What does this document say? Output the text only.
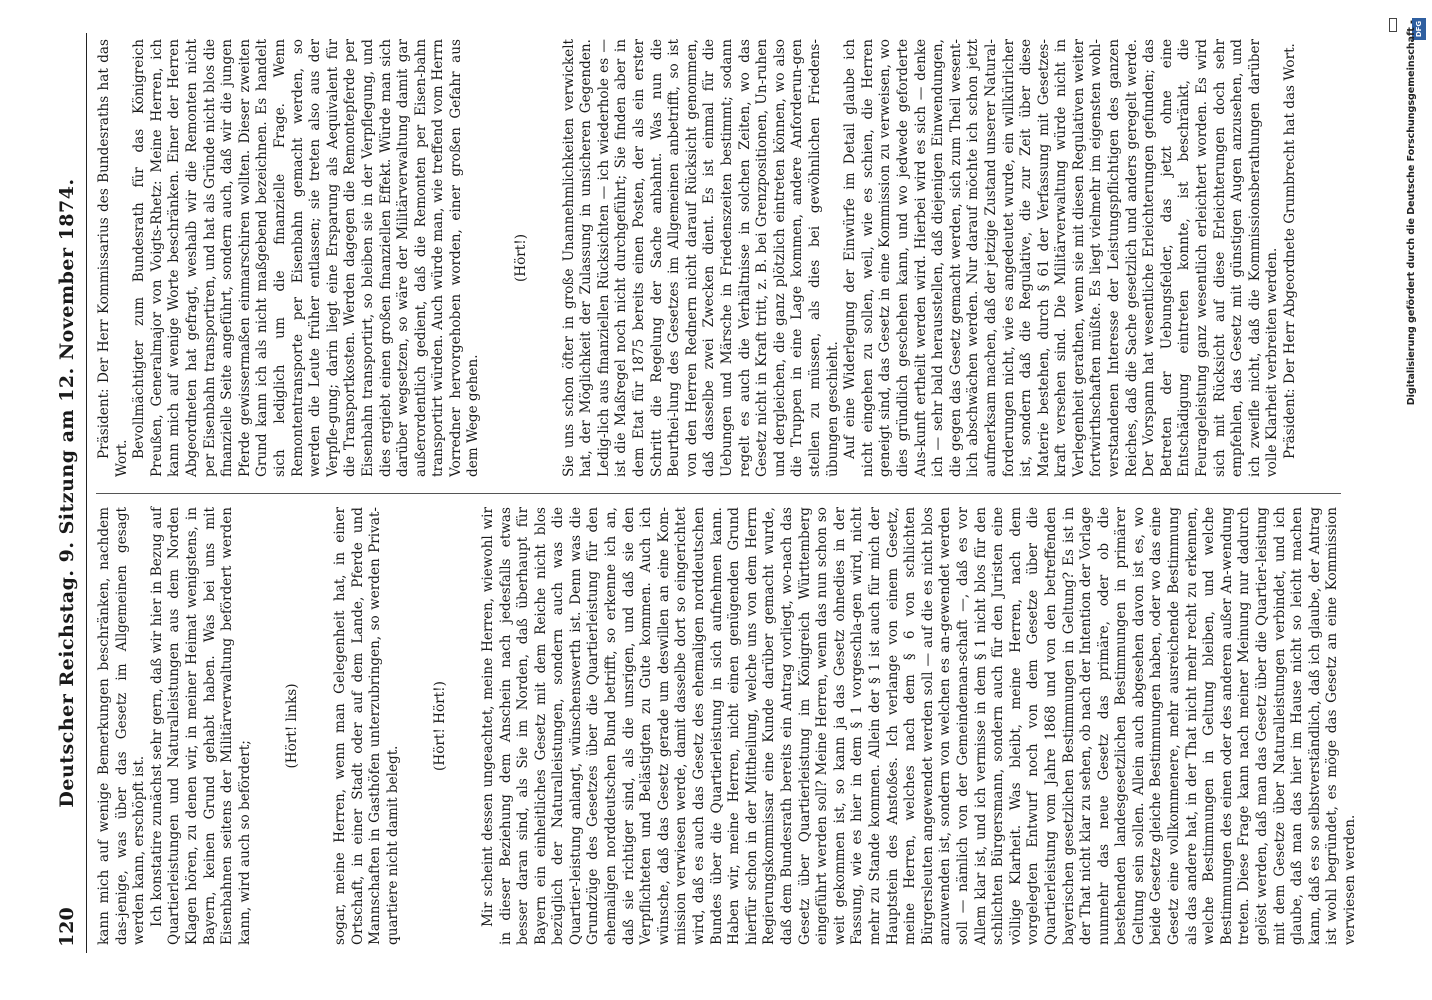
120
Deutscher Reichstag. 9. Sitzung am 12. November 1874. kann mich auf wenige Bemerkungen beschränken, nachdem das-jenige, was über das Gesetz im Allgemeinen gesagt werden kann, erschöpft ist. Ich konstatire zunächst sehr gern, daß wir hier in Bezug auf Quartierleistungen und Naturalleistungen aus dem Norden Klagen hören, zu denen wir, in meiner Heimat wenigstens, in Bayern, keinen Grund gehabt haben. Was bei uns mit Eisenbahnen seitens der Militärverwaltung befördert werden kann, wird auch so befördert;

(Hört! links) sogar, meine Herren, wenn man Gelegenheit hat, in einer Ortschaft, in einer Stadt oder auf dem Lande, Pferde und Mannschaften in Gasthöfen unterzubringen, so werden Privat-quartiere nicht damit belegt.

(Hört! Hört!) Mir scheint dessen ungeachtet, meine Herren, wiewohl wir in dieser Beziehung dem Anschein nach jedesfalls etwas besser daran sind, als Sie im Norden, daß überhaupt für Bayern ein einheitliches Gesetz mit dem Reiche nicht blos bezüglich der Naturalleistungen, sondern auch was die Quartier-leistung anlangt, wünschenswerth ist. Denn was die Grundzüge des Gesetzes über die Quartierleistung für den ehemaligen norddeutschen Bund betrifft, so erkenne ich an, daß sie richtiger sind, als die unsrigen, und daß sie den Verpflichteten und Belästigten zu Gute kommen. Auch ich wünsche, daß das Gesetz gerade um deswillen an eine Kom-mission verwiesen werde, damit dasselbe dort so eingerichtet wird, daß es auch das Gesetz des ehemaligen norddeutschen Bundes über die Quartierleistung in sich aufnehmen kann. Haben wir, meine Herren, nicht einen genügenden Grund hierfür schon in der Mittheilung, welche uns von dem Herrn Regierungskommissar eine Kunde darüber gemacht wurde, daß dem Bundesrath bereits ein Antrag vorliegt, wo-nach das Gesetz über Quartierleistung im Königreich Württemberg eingeführt werden soll? Meine Herren, wenn das nun schon so weit gekommen ist, so kann ja das Gesetz ohnedies in der Fassung, wie es hier in dem § 1 vorgeschla-gen wird, nicht mehr zu Stande kommen. Allein der § 1 ist auch für mich der Hauptstein des Anstoßes. Ich verlange von einem Gesetz, meine Herren, welches nach dem § 6 von schlichten Bürgersleuten angewendet werden soll — auf die es nicht blos anzuwenden ist, sondern von welchen es an-gewendet werden soll — nämlich von der Gemeindeman-schaft —, daß es vor Allem klar ist, und ich vermisse in dem § 1 nicht blos für den schlichten Bürgersmann, sondern auch für den Juristen eine völlige Klarheit. Was bleibt, meine Herren, nach dem vorgelegten Entwurf noch von dem Gesetze über die Quartierleistung vom Jahre 1868 und von den betreffenden bayerischen gesetzlichen Bestimmungen in Geltung? Es ist in der That nicht klar zu sehen, ob nach der Intention der Vorlage nunmehr das neue Gesetz das primäre, oder ob die bestehenden landesgesetzlichen Bestimmungen in primärer Geltung sein sollen. Allein auch abgesehen davon ist es, wo beide Gesetze gleiche Bestimmungen haben, oder wo das eine Gesetz eine vollkommenere, mehr ausreichende Bestimmung als das andere hat, in der That nicht mehr recht zu erkennen, welche Bestimmungen in Geltung bleiben, und welche Bestimmungen des einen oder des anderen außer An-wendung treten. Diese Frage kann nach meiner Meinung nur dadurch gelöst werden, daß man das Gesetz über die Quartier-leistung mit dem Gesetze über Naturalleistungen verbindet, und ich glaube, daß man das hier im Hause nicht so leicht machen kann, daß es so selbstverständlich, daß ich glaube, der Antrag ist wohl begründet, es möge das Gesetz an eine Kommission verwiesen werden.

Präsident: Der Herr Kommissarius des Bundesraths hat das Wort. Bevollmächtigter zum Bundesrath für das Königreich Preußen, Generalmajor von Voigts-Rhetz: Meine Herren, ich kann mich auf wenige Worte beschränken. Einer der Herren Abgeordneten hat gefragt, weshalb wir die Remonten nicht per Eisenbahn transportiren, und hat als Gründe nicht blos die finanzielle Seite angeführt, sondern auch, daß wir die jungen Pferde gewissermaßen einmarschiren wollten. Dieser zweiten Grund kann ich als nicht maßgebend bezeichnen. Es handelt sich lediglich um die finanzielle Frage. Wenn Remontentransporte per Eisenbahn gemacht werden, so werden die Leute früher entlassen; sie treten also aus der Verpfle-gung; darin liegt eine Ersparung als Aequivalent für die Transportkosten. Werden dagegen die Remontepferde per Eisenbahn transportirt, so bleiben sie in der Verpflegung, und dies ergiebt einen großen finanziellen Effekt. Würde man sich darüber wegsetzen, so wäre der Militärverwaltung damit gar außerordentlich gedient, daß die Remonten per Eisen-bahn transportirt würden. Auch würde man, wie treffend vom Herrn Vorredner hervorgehoben worden, einer großen Gefahr aus dem Wege gehen.

(Hört!) Sie uns schon öfter in große Unannehmlichkeiten verwickelt hat, der Möglichkeit der Zulassung in unsicheren Gegenden. Ledig-lich aus finanziellen Rücksichten — ich wiederhole es — ist die Maßregel noch nicht durchgeführt; Sie finden aber in dem Etat für 1875 bereits einen Posten, der als ein erster Schritt die Regelung der Sache anbahnt. Was nun die Beurthei-lung des Gesetzes im Allgemeinen anbetrifft, so ist von den Herren Rednern nicht darauf Rücksicht genommen, daß dasselbe zwei Zwecken dient. Es ist einmal für die Uebungen und Märsche in Friedenszeiten bestimmt; sodann regelt es auch die Verhältnisse in solchen Zeiten, wo das Gesetz nicht in Kraft tritt, z. B. bei Grenzpositionen, Un-ruhen und dergleichen, die ganz plötzlich eintreten können, wo also die Truppen in eine Lage kommen, andere Anforderun-gen stellen zu müssen, als dies bei gewöhnlichen Friedens-übungen geschieht. Auf eine Widerlegung der Einwürfe im Detail glaube ich nicht eingehen zu sollen, weil, wie es schien, die Herren geneigt sind, das Gesetz in eine Kommission zu verweisen, wo dies gründlich geschehen kann, und wo jedwede geforderte Aus-kunft ertheilt werden wird. Hierbei wird es sich — denke ich — sehr bald herausstellen, daß diejenigen Einwendungen, die gegen das Gesetz gemacht werden, sich zum Theil wesent-lich abschwächen werden. Nur darauf möchte ich schon jetzt aufmerksam machen, daß der jetzige Zustand unserer Natural-forderungen nicht, wie es angedeutet wurde, ein willkürlicher ist, sondern daß die Regulative, die zur Zeit über diese Materie bestehen, durch § 61 der Verfassung mit Gesetzes-kraft versehen sind. Die Militärverwaltung würde nicht in Verlegenheit gerathen, wenn sie mit diesen Regulativen weiter fortwirthschaften müßte. Es liegt vielmehr im eigensten wohl-verstandenen Interesse der Leistungspflichtigen des ganzen Reiches, daß die Sache gesetzlich und anders geregelt werde. Der Vorspann hat wesentliche Erleichterungen gefunden; das Betreten der Uebungsfelder, das jetzt ohne eine Entschädigung eintreten konnte, ist beschränkt, die Feurageleistung ganz wesentlich erleichtert worden. Es wird sich mit Rücksicht auf diese Erleichterungen doch sehr empfehlen, das Gesetz mit günstigen Augen anzusehen, und ich zweifle nicht, daß die Kommissionsberathungen darüber volle Klarheit verbreiten werden. Präsident: Der Herr Abgeordnete Grumbrecht hat das Wort.

DFG
Digitalisierung gefördert durch die Deutsche Forschungsgemeinschaft -
